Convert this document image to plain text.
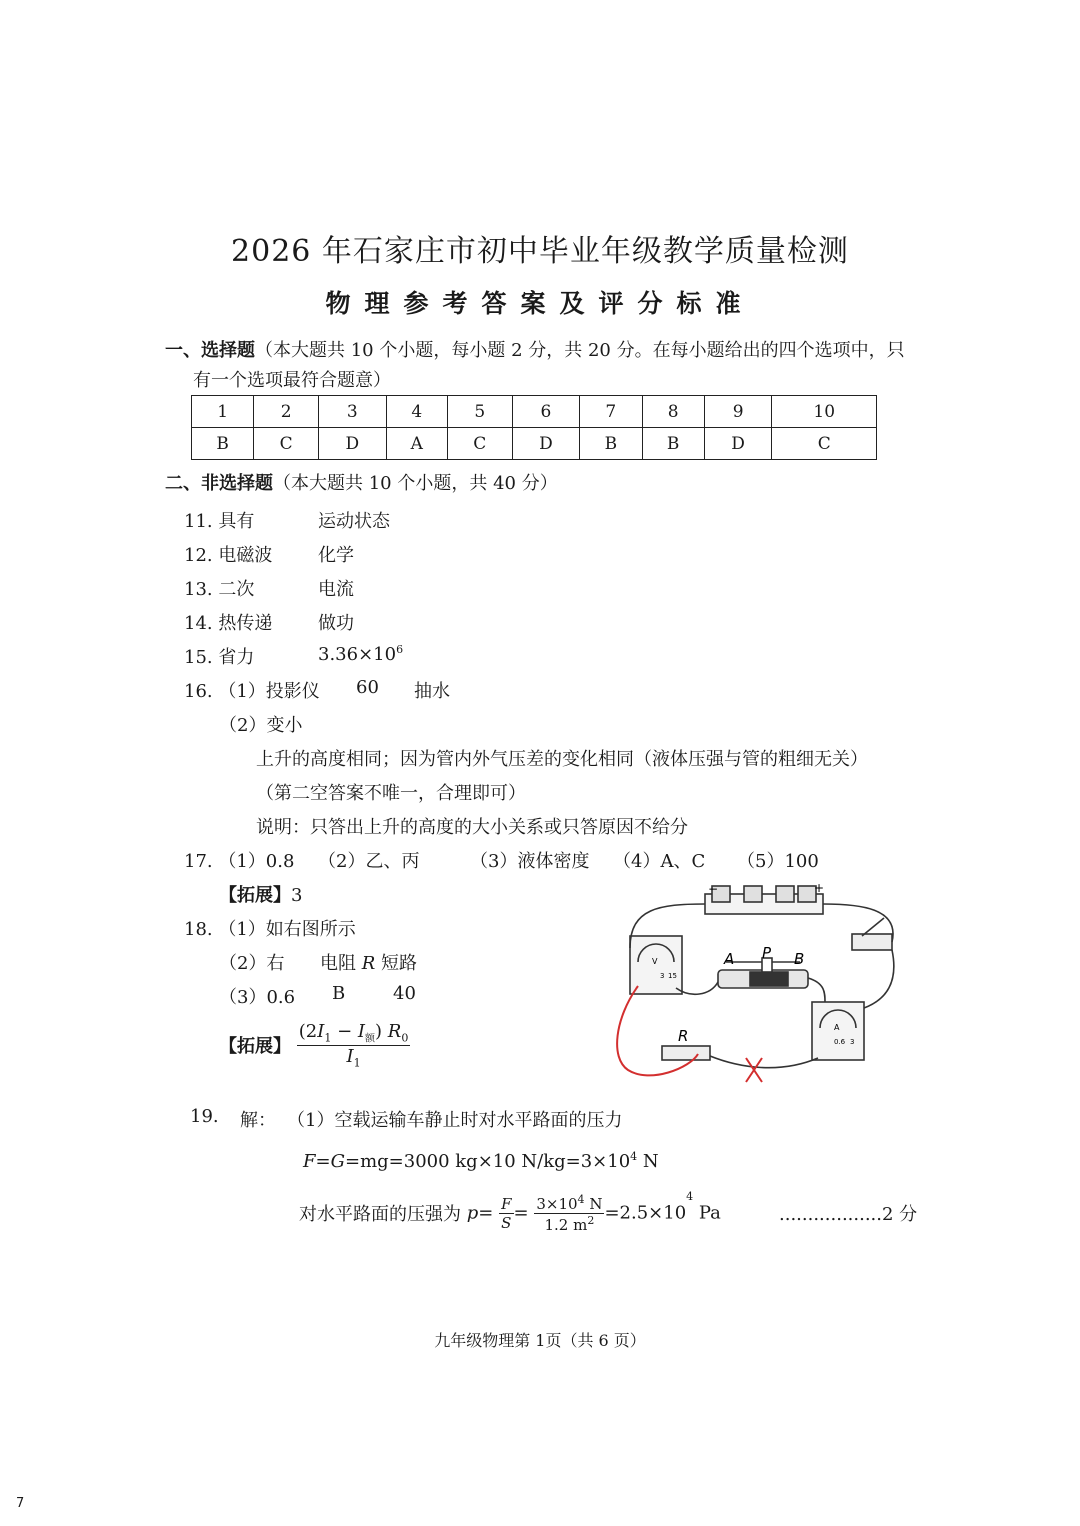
2026 年石家庄市初中毕业年级教学质量检测
物理参考答案及评分标准
一、选择题（本大题共 10 个小题，每小题 2 分，共 20 分。在每小题给出的四个选项中，只
有一个选项最符合题意）
1	2	3	4	5	6	7	8	9	10
B	C	D	A	C	D	B	B	D	C
二、非选择题（本大题共 10 个小题，共 40 分）
11. 具有	运动状态
12. 电磁波	化学
13. 二次	电流
14. 热传递	做功
15. 省力	$3.36\times 10^6$
16. （1）投影仪 60 抽水
（2）变小
上升的高度相同；因为管内外气压差的变化相同（液体压强与管的粗细无关）
（第二空答案不唯一，合理即可）
说明：只答出上升的高度的大小关系或只答原因不给分
17. （1）0.8 （2）乙、丙	（3）液体密度 （4）A、C （5）100
【拓展】3
18. （1）如右图所示
（2）右 电阻 R 短路
（3）0.6 B	40
【拓展】 $\frac{(2I_1 - I_额) R_0}{I_1}$
−	+
A P B
R
V
3 15
A
0.6 3
19. 解： （1）空载运输车静止时对水平路面的压力
F=G=mg=3000 kg×10 $N/kg=3\times 10^4$ N
对水平路面的压强为 $p= \frac{F}{S} = \frac{3\times 10^4 N}{1.2 m^2} =2.5\times 10^4$ Pa	..................2 分
九年级物理第 1页（共 6 页）
7
